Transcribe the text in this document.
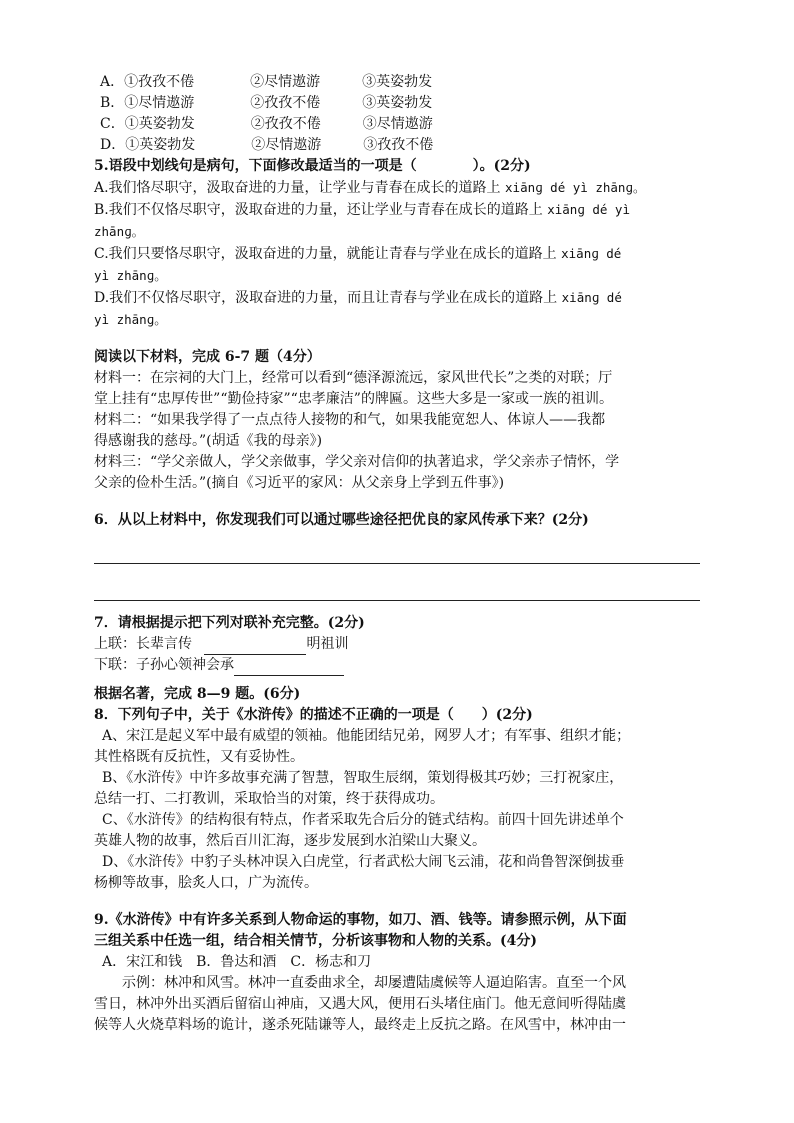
A．①孜孜不倦	②尽情遨游	③英姿勃发
B．①尽情遨游	②孜孜不倦	③英姿勃发
C．①英姿勃发	②孜孜不倦	③尽情遨游
D．①英姿勃发	②尽情遨游	③孜孜不倦
5.语段中划线句是病句，下面修改最适当的一项是（　　　　）。(2分)
A.我们恪尽职守，汲取奋进的力量，让学业与青春在成长的道路上 xiānɡ dé yì zhānɡ。
B.我们不仅恪尽职守，汲取奋进的力量，还让学业与青春在成长的道路上 xiānɡ dé yì
zhānɡ。
C.我们只要恪尽职守，汲取奋进的力量，就能让青春与学业在成长的道路上 xiānɡ dé
yì zhānɡ。
D.我们不仅恪尽职守，汲取奋进的力量，而且让青春与学业在成长的道路上 xiānɡ dé
yì zhānɡ。
阅读以下材料，完成 6-7 题（4分）
材料一：在宗祠的大门上，经常可以看到“德泽源流远，家风世代长”之类的对联；厅
堂上挂有“忠厚传世”“勤俭持家”“忠孝廉洁”的牌匾。这些大多是一家或一族的祖训。
材料二：“如果我学得了一点点待人接物的和气，如果我能宽恕人、体谅人——我都
得感谢我的慈母。”(胡适《我的母亲》)
材料三：“学父亲做人，学父亲做事，学父亲对信仰的执著追求，学父亲赤子情怀，学
父亲的俭朴生活。”(摘自《习近平的家风：从父亲身上学到五件事》)
6．从以上材料中，你发现我们可以通过哪些途径把优良的家风传承下来？(2分)
7．请根据提示把下列对联补充完整。(2分)
上联：长辈言传	明祖训
下联：子孙心领神会承
根据名著，完成 8—9 题。(6分)
8．下列句子中，关于《水浒传》的描述不正确的一项是（　　）(2分)
A、宋江是起义军中最有威望的领袖。他能团结兄弟，网罗人才；有军事、组织才能；
其性格既有反抗性，又有妥协性。
B、《水浒传》中许多故事充满了智慧，智取生辰纲，策划得极其巧妙；三打祝家庄，
总结一打、二打教训，采取恰当的对策，终于获得成功。
C、《水浒传》的结构很有特点，作者采取先合后分的链式结构。前四十回先讲述单个
英雄人物的故事，然后百川汇海，逐步发展到水泊梁山大聚义。
D、《水浒传》中豹子头林冲误入白虎堂，行者武松大闹飞云浦，花和尚鲁智深倒拔垂
杨柳等故事，脍炙人口，广为流传。
9.《水浒传》中有许多关系到人物命运的事物，如刀、酒、钱等。请参照示例，从下面
三组关系中任选一组，结合相关情节，分析该事物和人物的关系。(4分)
A．宋江和钱 B．鲁达和酒 C．杨志和刀
示例：林冲和风雪。林冲一直委曲求全，却屡遭陆虞候等人逼迫陷害。直至一个风
雪日，林冲外出买酒后留宿山神庙，又遇大风，便用石头堵住庙门。他无意间听得陆虞
候等人火烧草料场的诡计，遂杀死陆谦等人，最终走上反抗之路。在风雪中，林冲由一
